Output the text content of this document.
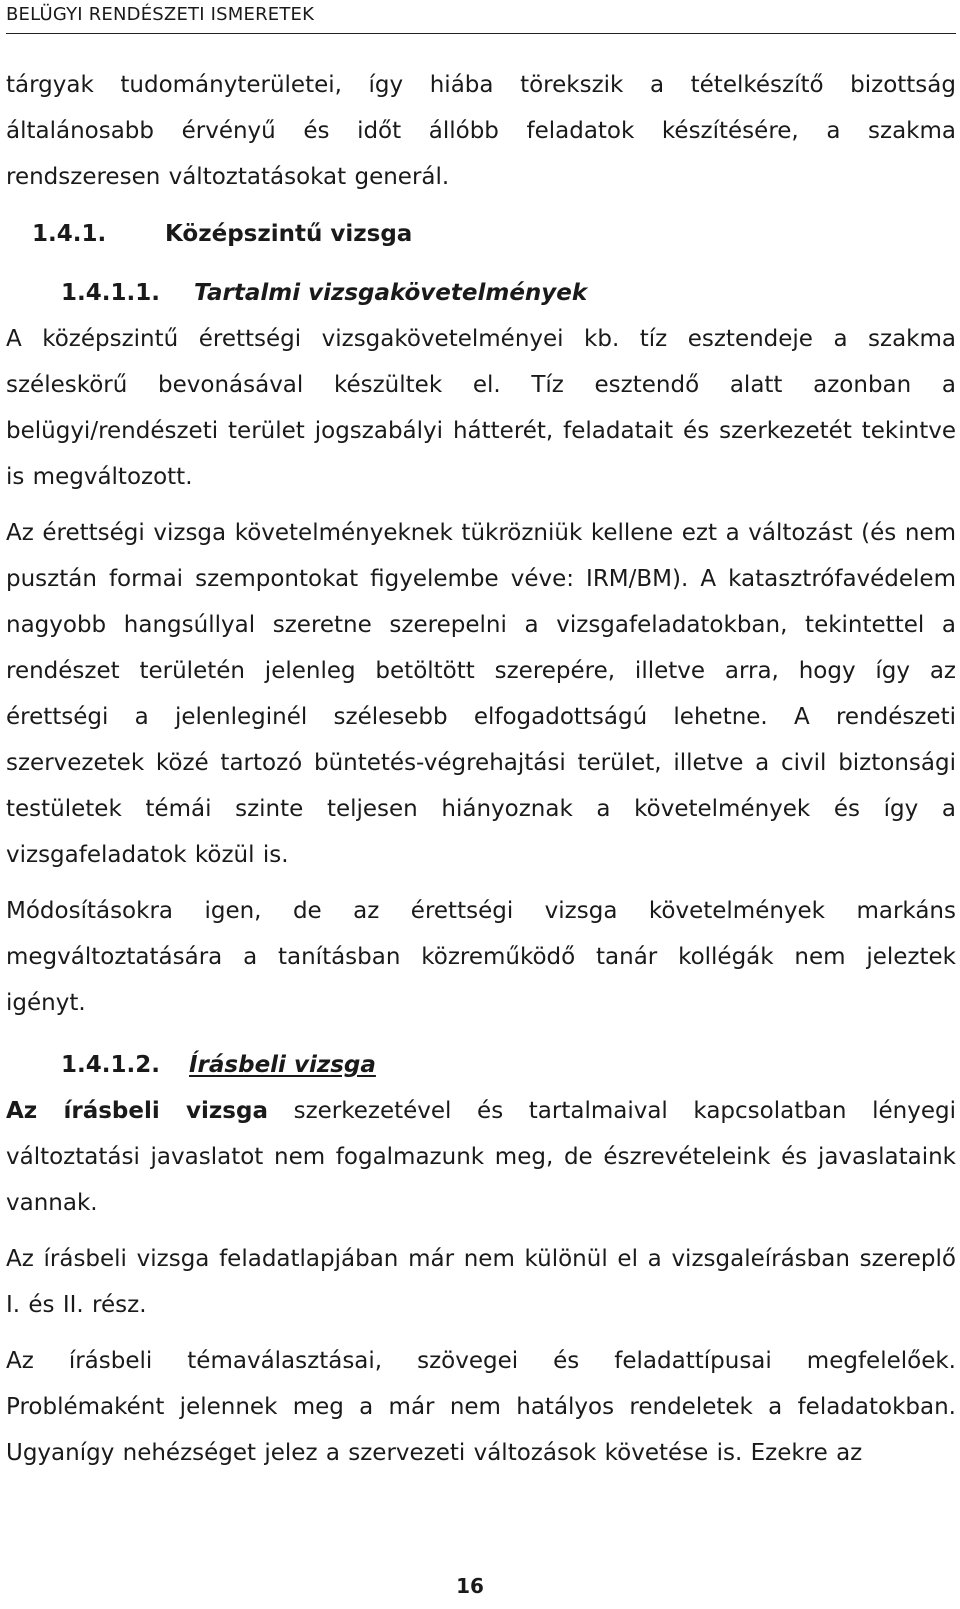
BELÜGYI RENDÉSZETI ISMERETEK

tárgyak tudományterületei, így hiába törekszik a tételkészítő bizottság általánosabb érvényű és időt állóbb feladatok készítésére, a szakma rendszeresen változtatásokat generál.

1.4.1.	Középszintű vizsga
1.4.1.1. Tartalmi vizsgakövetelmények

A középszintű érettségi vizsgakövetelményei kb. tíz esztendeje a szakma széleskörű bevonásával készültek el. Tíz esztendő alatt azonban a belügyi/rendészeti terület jogszabályi hátterét, feladatait és szerkezetét tekintve is megváltozott.

Az érettségi vizsga követelményeknek tükrözniük kellene ezt a változást (és nem pusztán formai szempontokat figyelembe véve: IRM/BM). A katasztrófavédelem nagyobb hangsúllyal szeretne szerepelni a vizsgafeladatokban, tekintettel a rendészet területén jelenleg betöltött szerepére, illetve arra, hogy így az érettségi a jelenleginél szélesebb elfogadottságú lehetne. A rendészeti szervezetek közé tartozó büntetés-végrehajtási terület, illetve a civil biztonsági testületek témái szinte teljesen hiányoznak a követelmények és így a vizsgafeladatok közül is.

Módosításokra igen, de az érettségi vizsga követelmények markáns megváltoztatására a tanításban közreműködő tanár kollégák nem jeleztek igényt.

1.4.1.2. Írásbeli vizsga

Az írásbeli vizsga szerkezetével és tartalmaival kapcsolatban lényegi változtatási javaslatot nem fogalmazunk meg, de észrevételeink és javaslataink vannak.

Az írásbeli vizsga feladatlapjában már nem különül el a vizsgaleírásban szereplő I. és II. rész.

Az írásbeli témaválasztásai, szövegei és feladattípusai megfelelőek. Problémaként jelennek meg a már nem hatályos rendeletek a feladatokban. Ugyanígy nehézséget jelez a szervezeti változások követése is. Ezekre az

16
